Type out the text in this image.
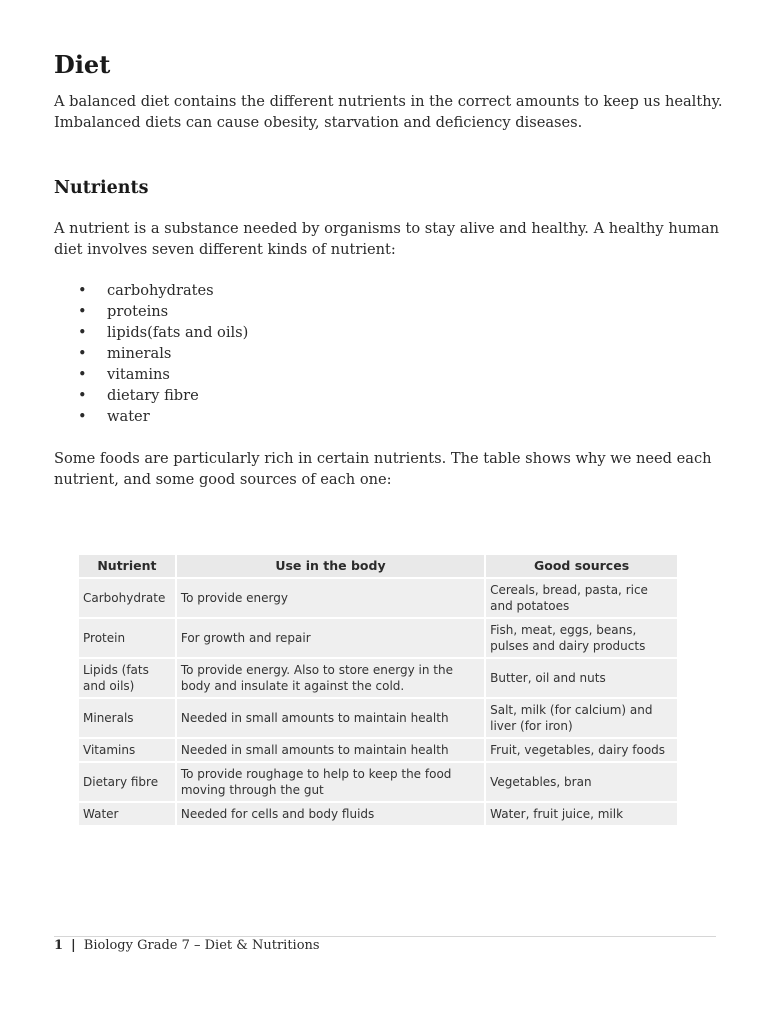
Diet

A balanced diet contains the different nutrients in the correct amounts to keep us healthy. Imbalanced diets can cause obesity, starvation and deficiency diseases.

Nutrients

A nutrient is a substance needed by organisms to stay alive and healthy. A healthy human diet involves seven different kinds of nutrient:

• carbohydrates
• proteins
• lipids(fats and oils)
• minerals
• vitamins
• dietary fibre
• water

Some foods are particularly rich in certain nutrients. The table shows why we need each nutrient, and some good sources of each one:

Nutrient	Use in the body	Good sources
Carbohydrate	To provide energy	Cereals, bread, pasta, rice and potatoes
Protein	For growth and repair	Fish, meat, eggs, beans, pulses and dairy products
Lipids (fats and oils)	To provide energy. Also to store energy in the body and insulate it against the cold.	Butter, oil and nuts
Minerals	Needed in small amounts to maintain health	Salt, milk (for calcium) and liver (for iron)
Vitamins	Needed in small amounts to maintain health	Fruit, vegetables, dairy foods
Dietary fibre	To provide roughage to help to keep the food moving through the gut	Vegetables, bran
Water	Needed for cells and body fluids	Water, fruit juice, milk
1 | Biology Grade 7 – Diet & Nutritions
